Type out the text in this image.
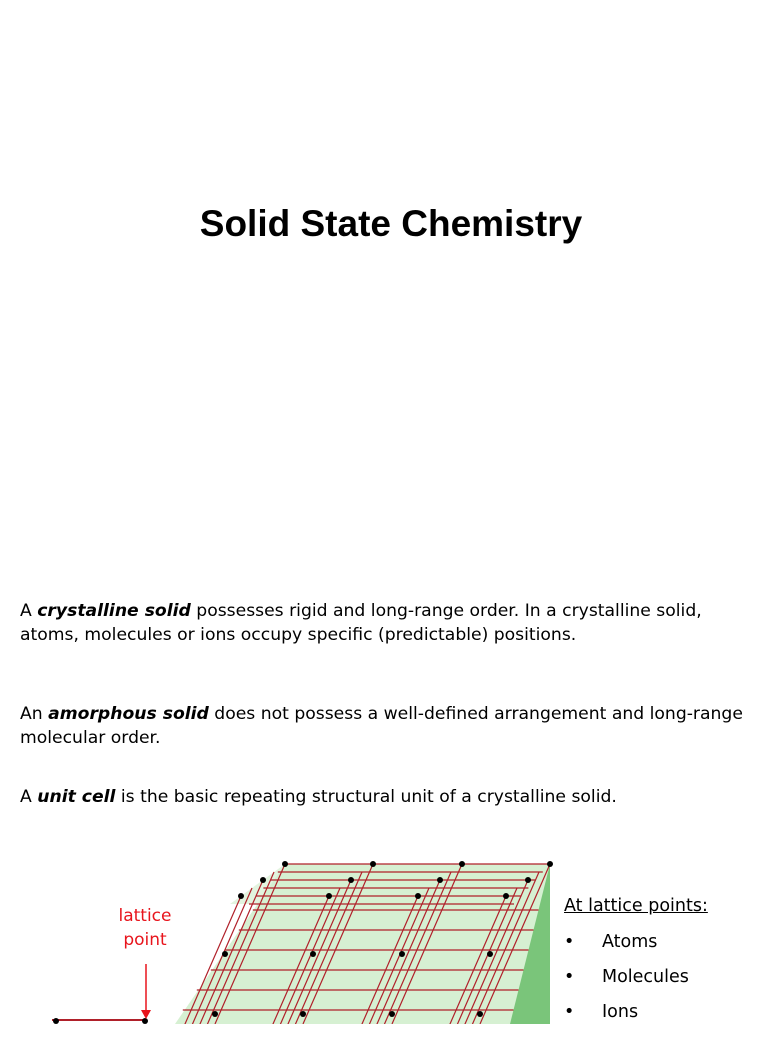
Solid State Chemistry

A crystalline solid possesses rigid and long-range order. In a crystalline solid, atoms, molecules or ions occupy specific (predictable) positions.

An amorphous solid does not possess a well-defined arrangement and long-range molecular order.

A unit cell is the basic repeating structural unit of a crystalline solid.

lattice
point
At lattice points:
•	Atoms
•	Molecules
•	Ions
